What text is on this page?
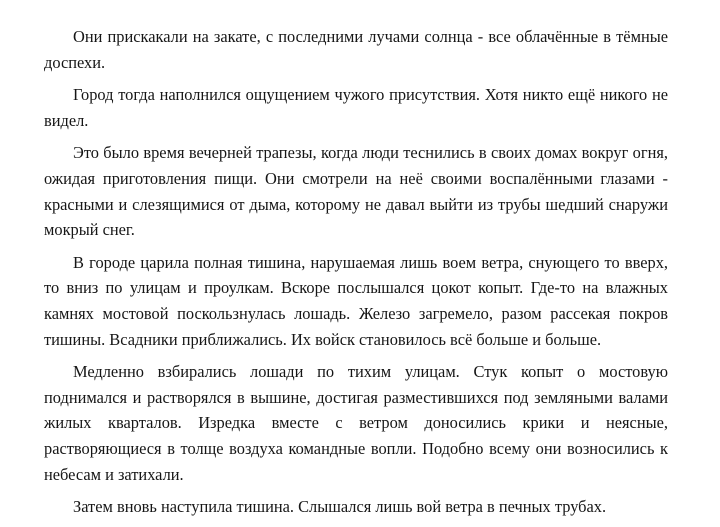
Они прискакали на закате, с последними лучами солнца - все облачённые в тёмные доспехи.

Город тогда наполнился ощущением чужого присутствия. Хотя никто ещё никого не видел.

Это было время вечерней трапезы, когда люди теснились в своих домах вокруг огня, ожидая приготовления пищи. Они смотрели на неё своими воспалёнными глазами - красными и слезящимися от дыма, которому не давал выйти из трубы шедший снаружи мокрый снег.

В городе царила полная тишина, нарушаемая лишь воем ветра, снующего то вверх, то вниз по улицам и проулкам. Вскоре послышался цокот копыт. Где-то на влажных камнях мостовой поскользнулась лошадь. Железо загремело, разом рассекая покров тишины. Всадники приближались. Их войск становилось всё больше и больше.

Медленно взбирались лошади по тихим улицам. Стук копыт о мостовую поднимался и растворялся в вышине, достигая разместившихся под земляными валами жилых кварталов. Изредка вместе с ветром доносились крики и неясные, растворяющиеся в толще воздуха командные вопли. Подобно всему они возносились к небесам и затихали.

Затем вновь наступила тишина. Слышался лишь вой ветра в печных трубах.
